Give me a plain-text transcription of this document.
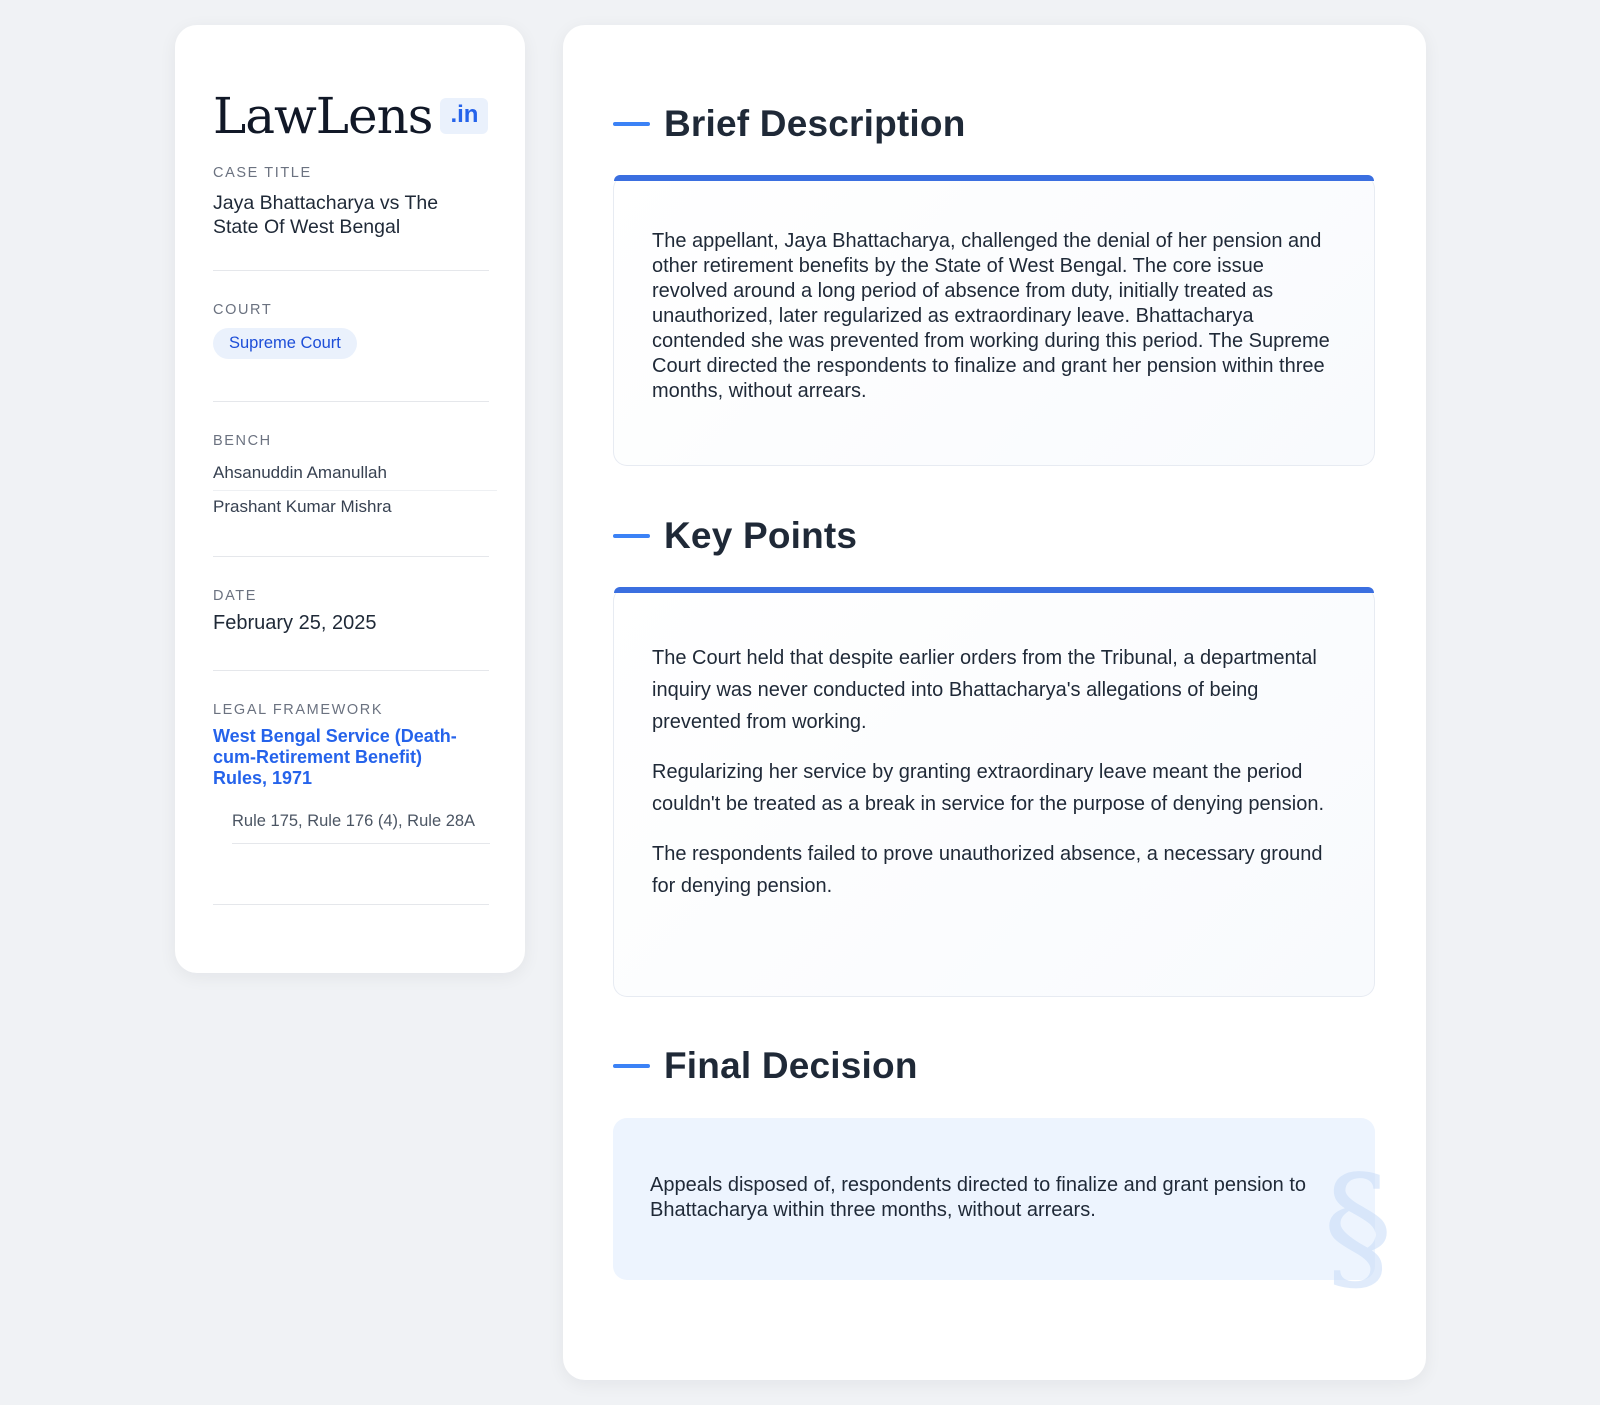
LawLens .in
CASE TITLE
Jaya Bhattacharya vs The State Of West Bengal
COURT
Supreme Court
BENCH
Ahsanuddin Amanullah
Prashant Kumar Mishra
DATE
February 25, 2025
LEGAL FRAMEWORK
West Bengal Service (Death-cum-Retirement Benefit) Rules, 1971
Rule 175, Rule 176 (4), Rule 28A
Brief Description

The appellant, Jaya Bhattacharya, challenged the denial of her pension and other retirement benefits by the State of West Bengal. The core issue revolved around a long period of absence from duty, initially treated as unauthorized, later regularized as extraordinary leave. Bhattacharya contended she was prevented from working during this period. The Supreme Court directed the respondents to finalize and grant her pension within three months, without arrears.

Key Points

The Court held that despite earlier orders from the Tribunal, a departmental inquiry was never conducted into Bhattacharya's allegations of being prevented from working.

Regularizing her service by granting extraordinary leave meant the period couldn't be treated as a break in service for the purpose of denying pension.

The respondents failed to prove unauthorized absence, a necessary ground for denying pension.

Final Decision
§

Appeals disposed of, respondents directed to finalize and grant pension to Bhattacharya within three months, without arrears.
